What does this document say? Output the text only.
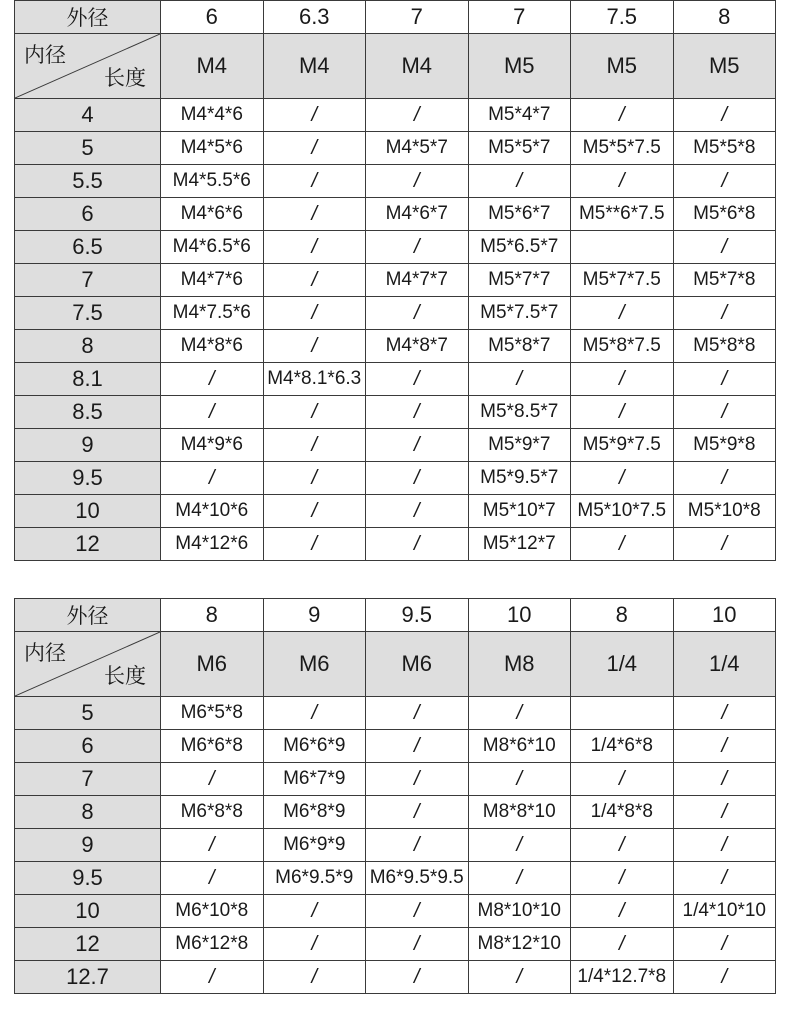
外径	6	6.3	7	7	7.5	8

内径
长度	M4	M4	M4	M5	M5	M5
4	M4*4*6	/	/	M5*4*7	/	/
5	M4*5*6	/	M4*5*7	M5*5*7	M5*5*7.5	M5*5*8
5.5	M4*5.5*6	/	/	/	/	/
6	M4*6*6	/	M4*6*7	M5*6*7	M5**6*7.5	M5*6*8
6.5	M4*6.5*6	/	/	M5*6.5*7		/
7	M4*7*6	/	M4*7*7	M5*7*7	M5*7*7.5	M5*7*8
7.5	M4*7.5*6	/	/	M5*7.5*7	/	/
8	M4*8*6	/	M4*8*7	M5*8*7	M5*8*7.5	M5*8*8
8.1	/	M4*8.1*6.3	/	/	/	/
8.5	/	/	/	M5*8.5*7	/	/
9	M4*9*6	/	/	M5*9*7	M5*9*7.5	M5*9*8
9.5	/	/	/	M5*9.5*7	/	/
10	M4*10*6	/	/	M5*10*7	M5*10*7.5	M5*10*8
12	M4*12*6	/	/	M5*12*7	/	/
外径	8	9	9.5	10	8	10

内径
长度	M6	M6	M6	M8	1/4	1/4
5	M6*5*8	/	/	/		/
6	M6*6*8	M6*6*9	/	M8*6*10	1/4*6*8	/
7	/	M6*7*9	/	/	/	/
8	M6*8*8	M6*8*9	/	M8*8*10	1/4*8*8	/
9	/	M6*9*9	/	/	/	/
9.5	/	M6*9.5*9	M6*9.5*9.5	/	/	/
10	M6*10*8	/	/	M8*10*10	/	1/4*10*10
12	M6*12*8	/	/	M8*12*10	/	/
12.7	/	/	/	/	1/4*12.7*8	/
